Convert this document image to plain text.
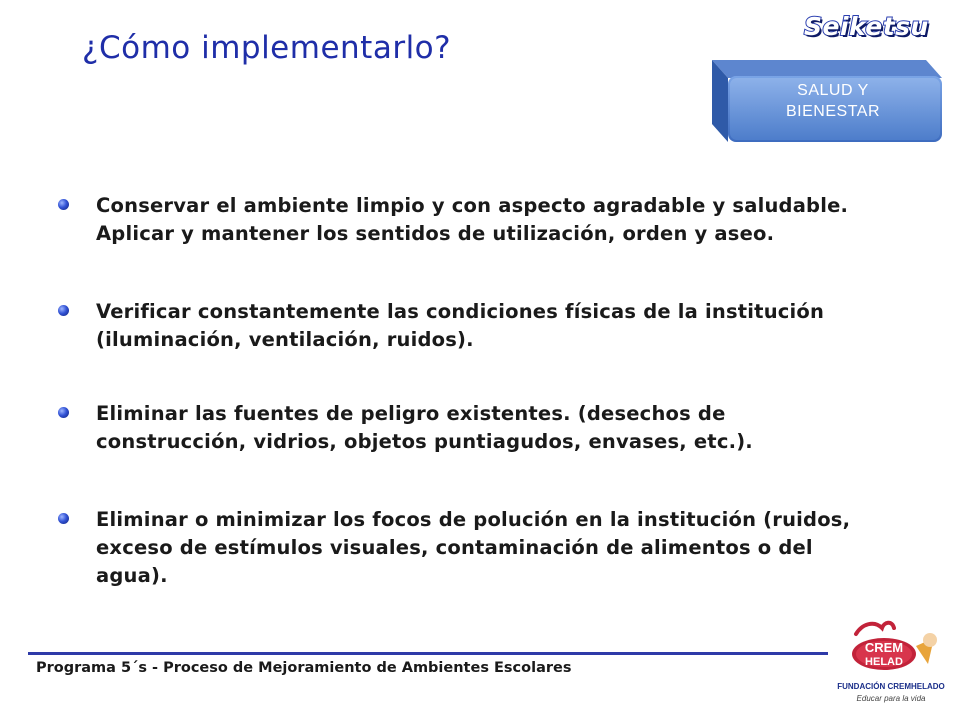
¿Cómo implementarlo?
Seiketsu
SALUD Y
BIENESTAR
Conservar el ambiente limpio y con aspecto agradable y saludable.
Aplicar y mantener los sentidos de utilización, orden y aseo.
Verificar constantemente las condiciones físicas de la institución
(iluminación, ventilación, ruidos).
Eliminar las fuentes de peligro existentes. (desechos de
construcción, vidrios, objetos puntiagudos, envases, etc.).
Eliminar o minimizar los focos de polución en la institución (ruidos,
exceso de estímulos visuales, contaminación de alimentos o del
agua).
Programa 5´s - Proceso de Mejoramiento de Ambientes Escolares
CREM
HELAD
FUNDACIÓN CREMHELADO
Educar para la vida
